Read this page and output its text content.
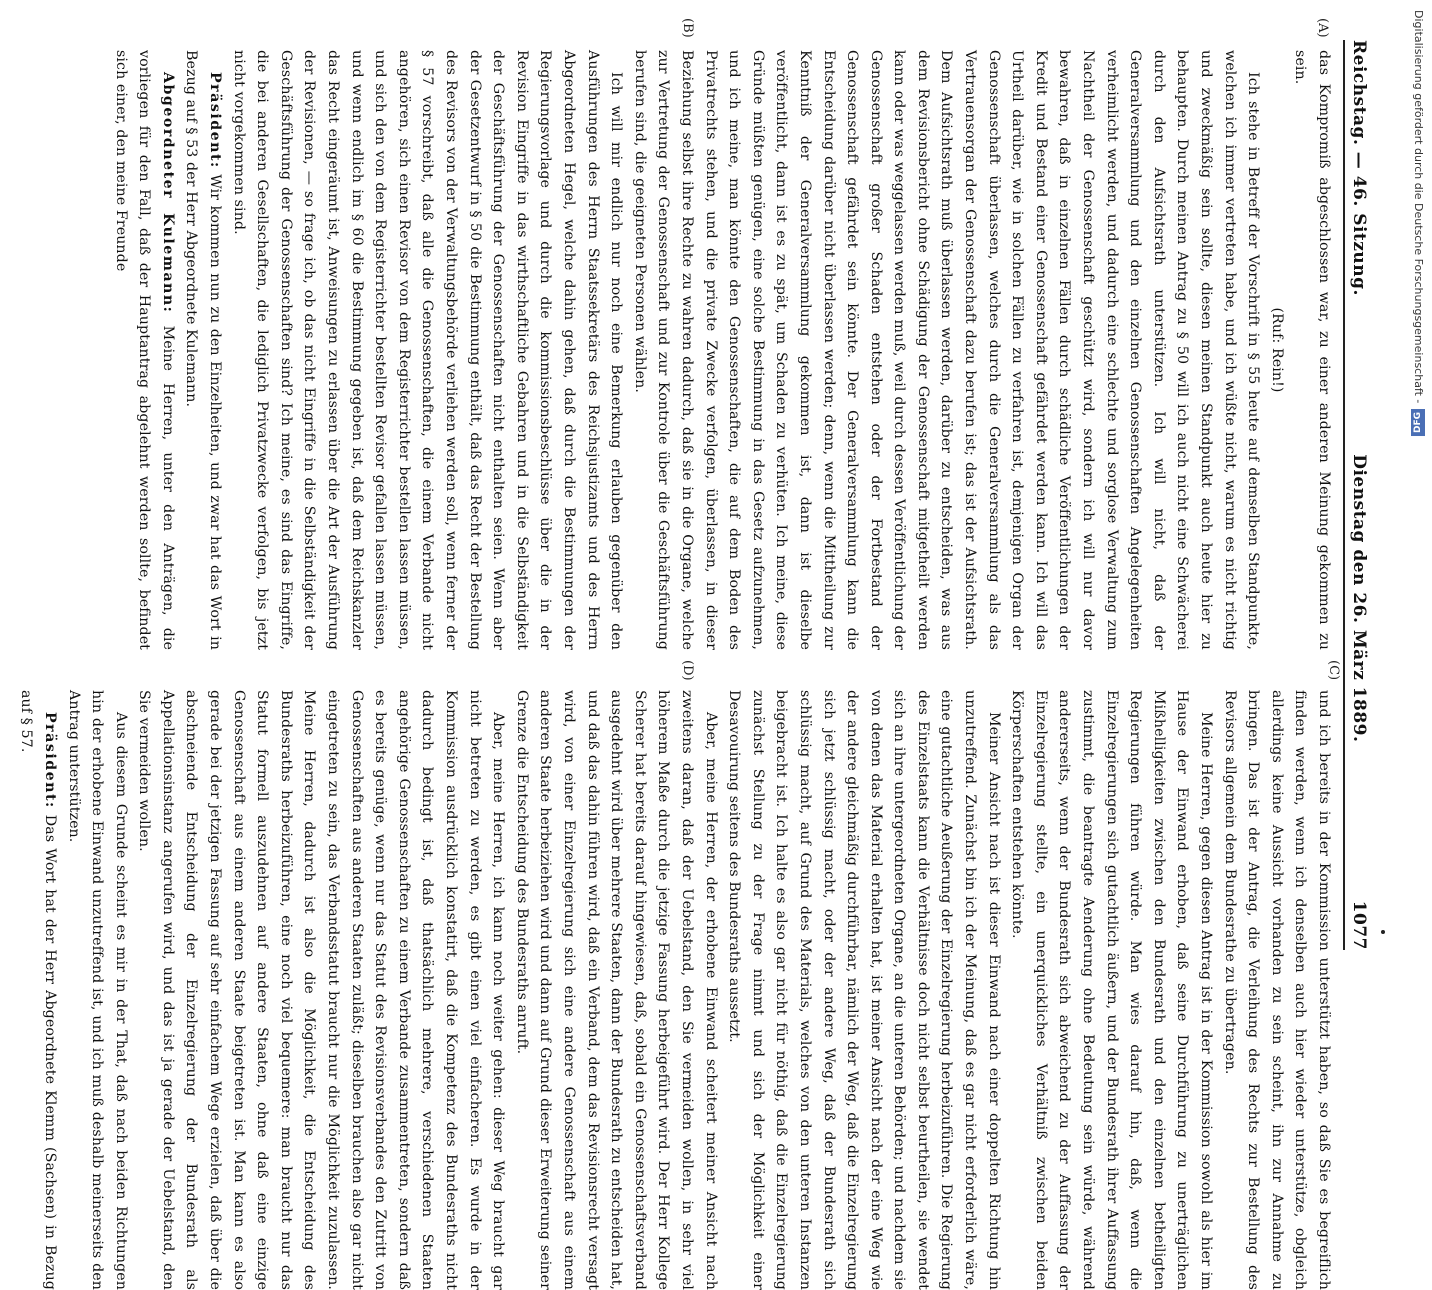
Reichstag. — 46. Sitzung.
Dienstag den 26. März 1889.
1077
(A)
(B)
(C)
(D)

das Kompromiß abgeschlossen war, zu einer anderen Meinung gekommen zu sein.

(Ruf: Rein!)

Ich stehe in Betreff der Vorschrift in § 55 heute auf demselben Standpunkte, welchen ich immer vertreten habe, und ich wüßte nicht, warum es nicht richtig und zweckmäßig sein sollte, diesen meinen Standpunkt auch heute hier zu behaupten. Durch meinen Antrag zu § 50 will ich auch nicht eine Schwächerei durch den Aufsichtsrath unterstützen. Ich will nicht, daß der Generalversammlung und den einzelnen Genossenschaften Angelegenheiten verheimlicht werden, und dadurch eine schlechte und sorglose Verwaltung zum Nachtheil der Genossenschaft geschützt wird, sondern ich will nur davor bewahren, daß in einzelnen Fällen durch schädliche Veröffentlichungen der Kredit und Bestand einer Genossenschaft gefährdet werden kann. Ich will das Urtheil darüber, wie in solchen Fällen zu verfahren ist, demjenigen Organ der Genossenschaft überlassen, welches durch die Generalversammlung als das Vertrauensorgan der Genossenschaft dazu berufen ist; das ist der Aufsichtsrath. Dem Aufsichtsrath muß überlassen werden, darüber zu entscheiden, was aus dem Revisionsbericht ohne Schädigung der Genossenschaft mitgetheilt werden kann oder was weggelassen werden muß, weil durch dessen Veröffentlichung der Genossenschaft großer Schaden entstehen oder der Fortbestand der Genossenschaft gefährdet sein könnte. Der Generalversammlung kann die Entscheidung darüber nicht überlassen werden; denn, wenn die Mittheilung zur Kenntniß der Generalversammlung gekommen ist, dann ist dieselbe veröffentlicht, dann ist es zu spät, um Schaden zu verhüten. Ich meine, diese Gründe müßten genügen, eine solche Bestimmung in das Gesetz aufzunehmen, und ich meine, man könnte den Genossenschaften, die auf dem Boden des Privatrechts stehen, und die private Zwecke verfolgen, überlassen, in dieser Beziehung selbst ihre Rechte zu wahren dadurch, daß sie in die Organe, welche zur Vertretung der Genossenschaft und zur Kontrole über die Geschäftsführung berufen sind, die geeigneten Personen wählen.

Ich will mir endlich nur noch eine Bemerkung erlauben gegenüber den Ausführungen des Herrn Staatssekretärs des Reichsjustizamts und des Herrn Abgeordneten Hegel, welche dahin gehen, daß durch die Bestimmungen der Regierungsvorlage und durch die kommissionsbeschlüsse über die in der Revision Eingriffe in das wirthschaftliche Gebahren und in die Selbständigkeit der Geschäftsführung der Genossenschaften nicht enthalten seien. Wenn aber der Gesetzentwurf in § 50 die Bestimmung enthält, daß das Recht der Bestellung des Revisors von der Verwaltungsbehörde verliehen werden soll, wenn ferner der § 57 vorschreibt, daß alle die Genossenschaften, die einem Verbande nicht angehören, sich einen Revisor von dem Registerrichter bestellen lassen müssen, und sich den von dem Registerrichter bestellten Revisor gefallen lassen müssen, und wenn endlich im § 60 die Bestimmung gegeben ist, daß dem Reichskanzler das Recht eingeräumt ist, Anweisungen zu erlassen über die Art der Ausführung der Revisionen, — so frage ich, ob das nicht Eingriffe in die Selbständigkeit der Geschäftsführung der Genossenschaften sind? Ich meine, es sind das Eingriffe, die bei anderen Gesellschaften, die lediglich Privatzwecke verfolgen, bis jetzt nicht vorgekommen sind.

Präsident: Wir kommen nun zu den Einzelheiten, und zwar hat das Wort in Bezug auf § 53 der Herr Abgeordnete Kulemann.

Abgeordneter Kulemann: Meine Herren, unter den Anträgen, die vorliegen für den Fall, daß der Hauptantrag abgelehnt werden sollte, befindet sich einer, den meine Freunde

und ich bereits in der Kommission unterstützt haben, so daß Sie es begreiflich finden werden, wenn ich denselben auch hier wieder unterstütze, obgleich allerdings keine Aussicht vorhanden zu sein scheint, ihn zur Annahme zu bringen. Das ist der Antrag, die Verleihung des Rechts zur Bestellung des Revisors allgemein dem Bundesrathe zu übertragen.

Meine Herren, gegen diesen Antrag ist in der Kommission sowohl als hier im Hause der Einwand erhoben, daß seine Durchführung zu unerträglichen Mißhelligkeiten zwischen den Bundesrath und den einzelnen betheiligten Regierungen führen würde. Man wies darauf hin, daß, wenn die Einzelregierungen sich gutachtlich äußern, und der Bundesrath ihrer Auffassung zustimmt, die beantragte Aenderung ohne Bedeutung sein würde, während andererseits, wenn der Bundesrath sich abweichend zu der Auffassung der Einzelregierung stellte, ein unerquickliches Verhältniß zwischen beiden Körperschaften entstehen könnte.

Meiner Ansicht nach ist dieser Einwand nach einer doppelten Richtung hin unzutreffend. Zunächst bin ich der Meinung, daß es gar nicht erforderlich wäre, eine gutachtliche Aeußerung der Einzelregierung herbeizuführen. Die Regierung des Einzelstaats kann die Verhältnisse doch nicht selbst beurtheilen, sie wendet sich an ihre untergeordneten Organe, an die unteren Behörden; und nachdem sie von denen das Material erhalten hat, ist meiner Ansicht nach der eine Weg wie der andere gleichmäßig durchführbar, nämlich der Weg, daß die Einzelregierung sich jetzt schlüssig macht, oder der andere Weg, daß der Bundesrath sich schlüssig macht, auf Grund des Materials, welches von den unteren Instanzen beigebracht ist. Ich halte es also gar nicht für nöthig, daß die Einzelregierung zunächst Stellung zu der Frage nimmt und sich der Möglichkeit einer Desavouirung seitens des Bundesraths aussetzt.

Aber, meine Herren, der erhobene Einwand scheitert meiner Ansicht nach zweitens daran, daß der Uebelstand, den Sie vermeiden wollen, in sehr viel höherem Maße durch die jetzige Fassung herbeigeführt wird. Der Herr Kollege Scherer hat bereits darauf hingewiesen, daß, sobald ein Genossenschaftsverband ausgedehnt wird über mehrere Staaten, dann der Bundesrath zu entscheiden hat, und daß das dahin führen wird, daß ein Verband, dem das Revisionsrecht versagt wird, von einer Einzelregierung sich eine andere Genossenschaft aus einem anderen Staate herbeiziehen wird und dann auf Grund dieser Erweiterung seiner Grenze die Entscheidung des Bundesraths anruft.

Aber, meine Herren, ich kann noch weiter gehen: dieser Weg braucht gar nicht betreten zu werden, es gibt einen viel einfacheren. Es wurde in der Kommission ausdrücklich konstatirt, daß die Kompetenz des Bundesraths nicht dadurch bedingt ist, daß thatsächlich mehrere, verschiedenen Staaten angehörige Genossenschaften zu einem Verbande zusammentreten, sondern daß es bereits genüge, wenn nur das Statut des Revisionsverbandes den Zutritt von Genossenschaften aus anderen Staaten zuläßt; dieselben brauchen also gar nicht eingetreten zu sein, das Verbandsstatut braucht nur die Möglichkeit zuzulassen. Meine Herren, dadurch ist also die Möglichkeit, die Entscheidung des Bundesraths herbeizuführen, eine noch viel bequemere: man braucht nur das Statut formell auszudehnen auf andere Staaten, ohne daß eine einzige Genossenschaft aus einem anderen Staate beigetreten ist. Man kann es also gerade bei der jetzigen Fassung auf sehr einfachem Wege erzielen, daß über die abschneiende Entscheidung der Einzelregierung der Bundesrath als Appellationsinstanz angerufen wird, und das ist ja gerade der Uebelstand, den Sie vermeiden wollen.

Aus diesem Grunde scheint es mir in der That, daß nach beiden Richtungen hin der erhobene Einwand unzutreffend ist, und ich muß deshalb meinerseits den Antrag unterstützen.

Präsident: Das Wort hat der Herr Abgeordnete Klemm (Sachsen) in Bezug auf § 57.

Digitalisierung gefördert durch die Deutsche Forschungsgemeinschaft -
DFG
